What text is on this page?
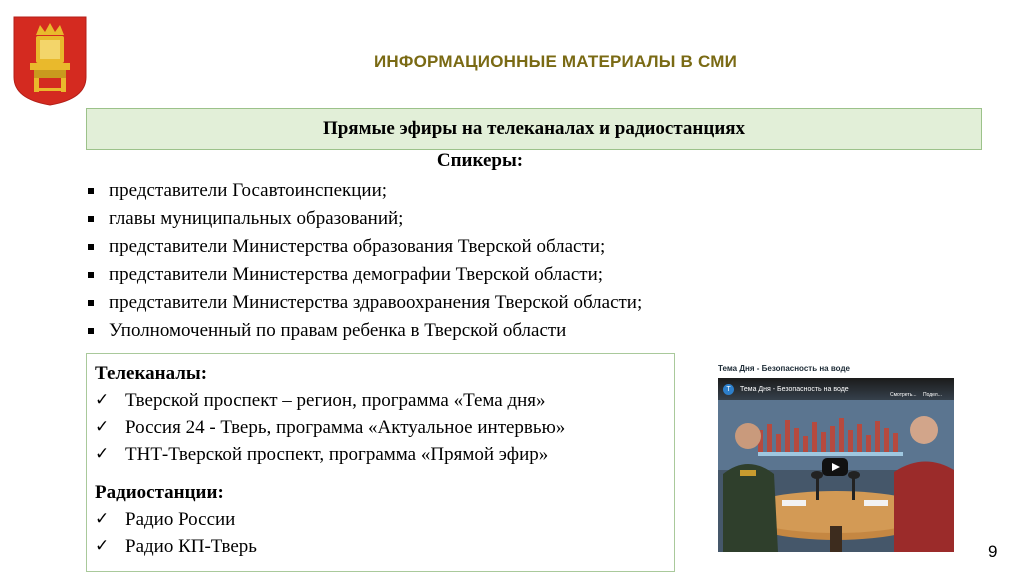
ИНФОРМАЦИОННЫЕ МАТЕРИАЛЫ В СМИ
Прямые эфиры на телеканалах и радиостанциях
Спикеры:
представители Госавтоинспекции;
главы муниципальных образований;
представители Министерства образования Тверской области;
представители Министерства демографии Тверской области;
представители Министерства здравоохранения Тверской области;
Уполномоченный по правам ребенка в Тверской области
Телеканалы:
✓ Тверской проспект – регион, программа «Тема дня»
✓ Россия 24 - Тверь, программа «Актуальное интервью»
✓ ТНТ-Тверской проспект, программа «Прямой эфир»
Радиостанции:
✓ Радио России
✓ Радио КП-Тверь
Тема Дня - Безопасность на воде
Т	Тема Дня - Безопасность на воде
Смотреть... Подел...
9
